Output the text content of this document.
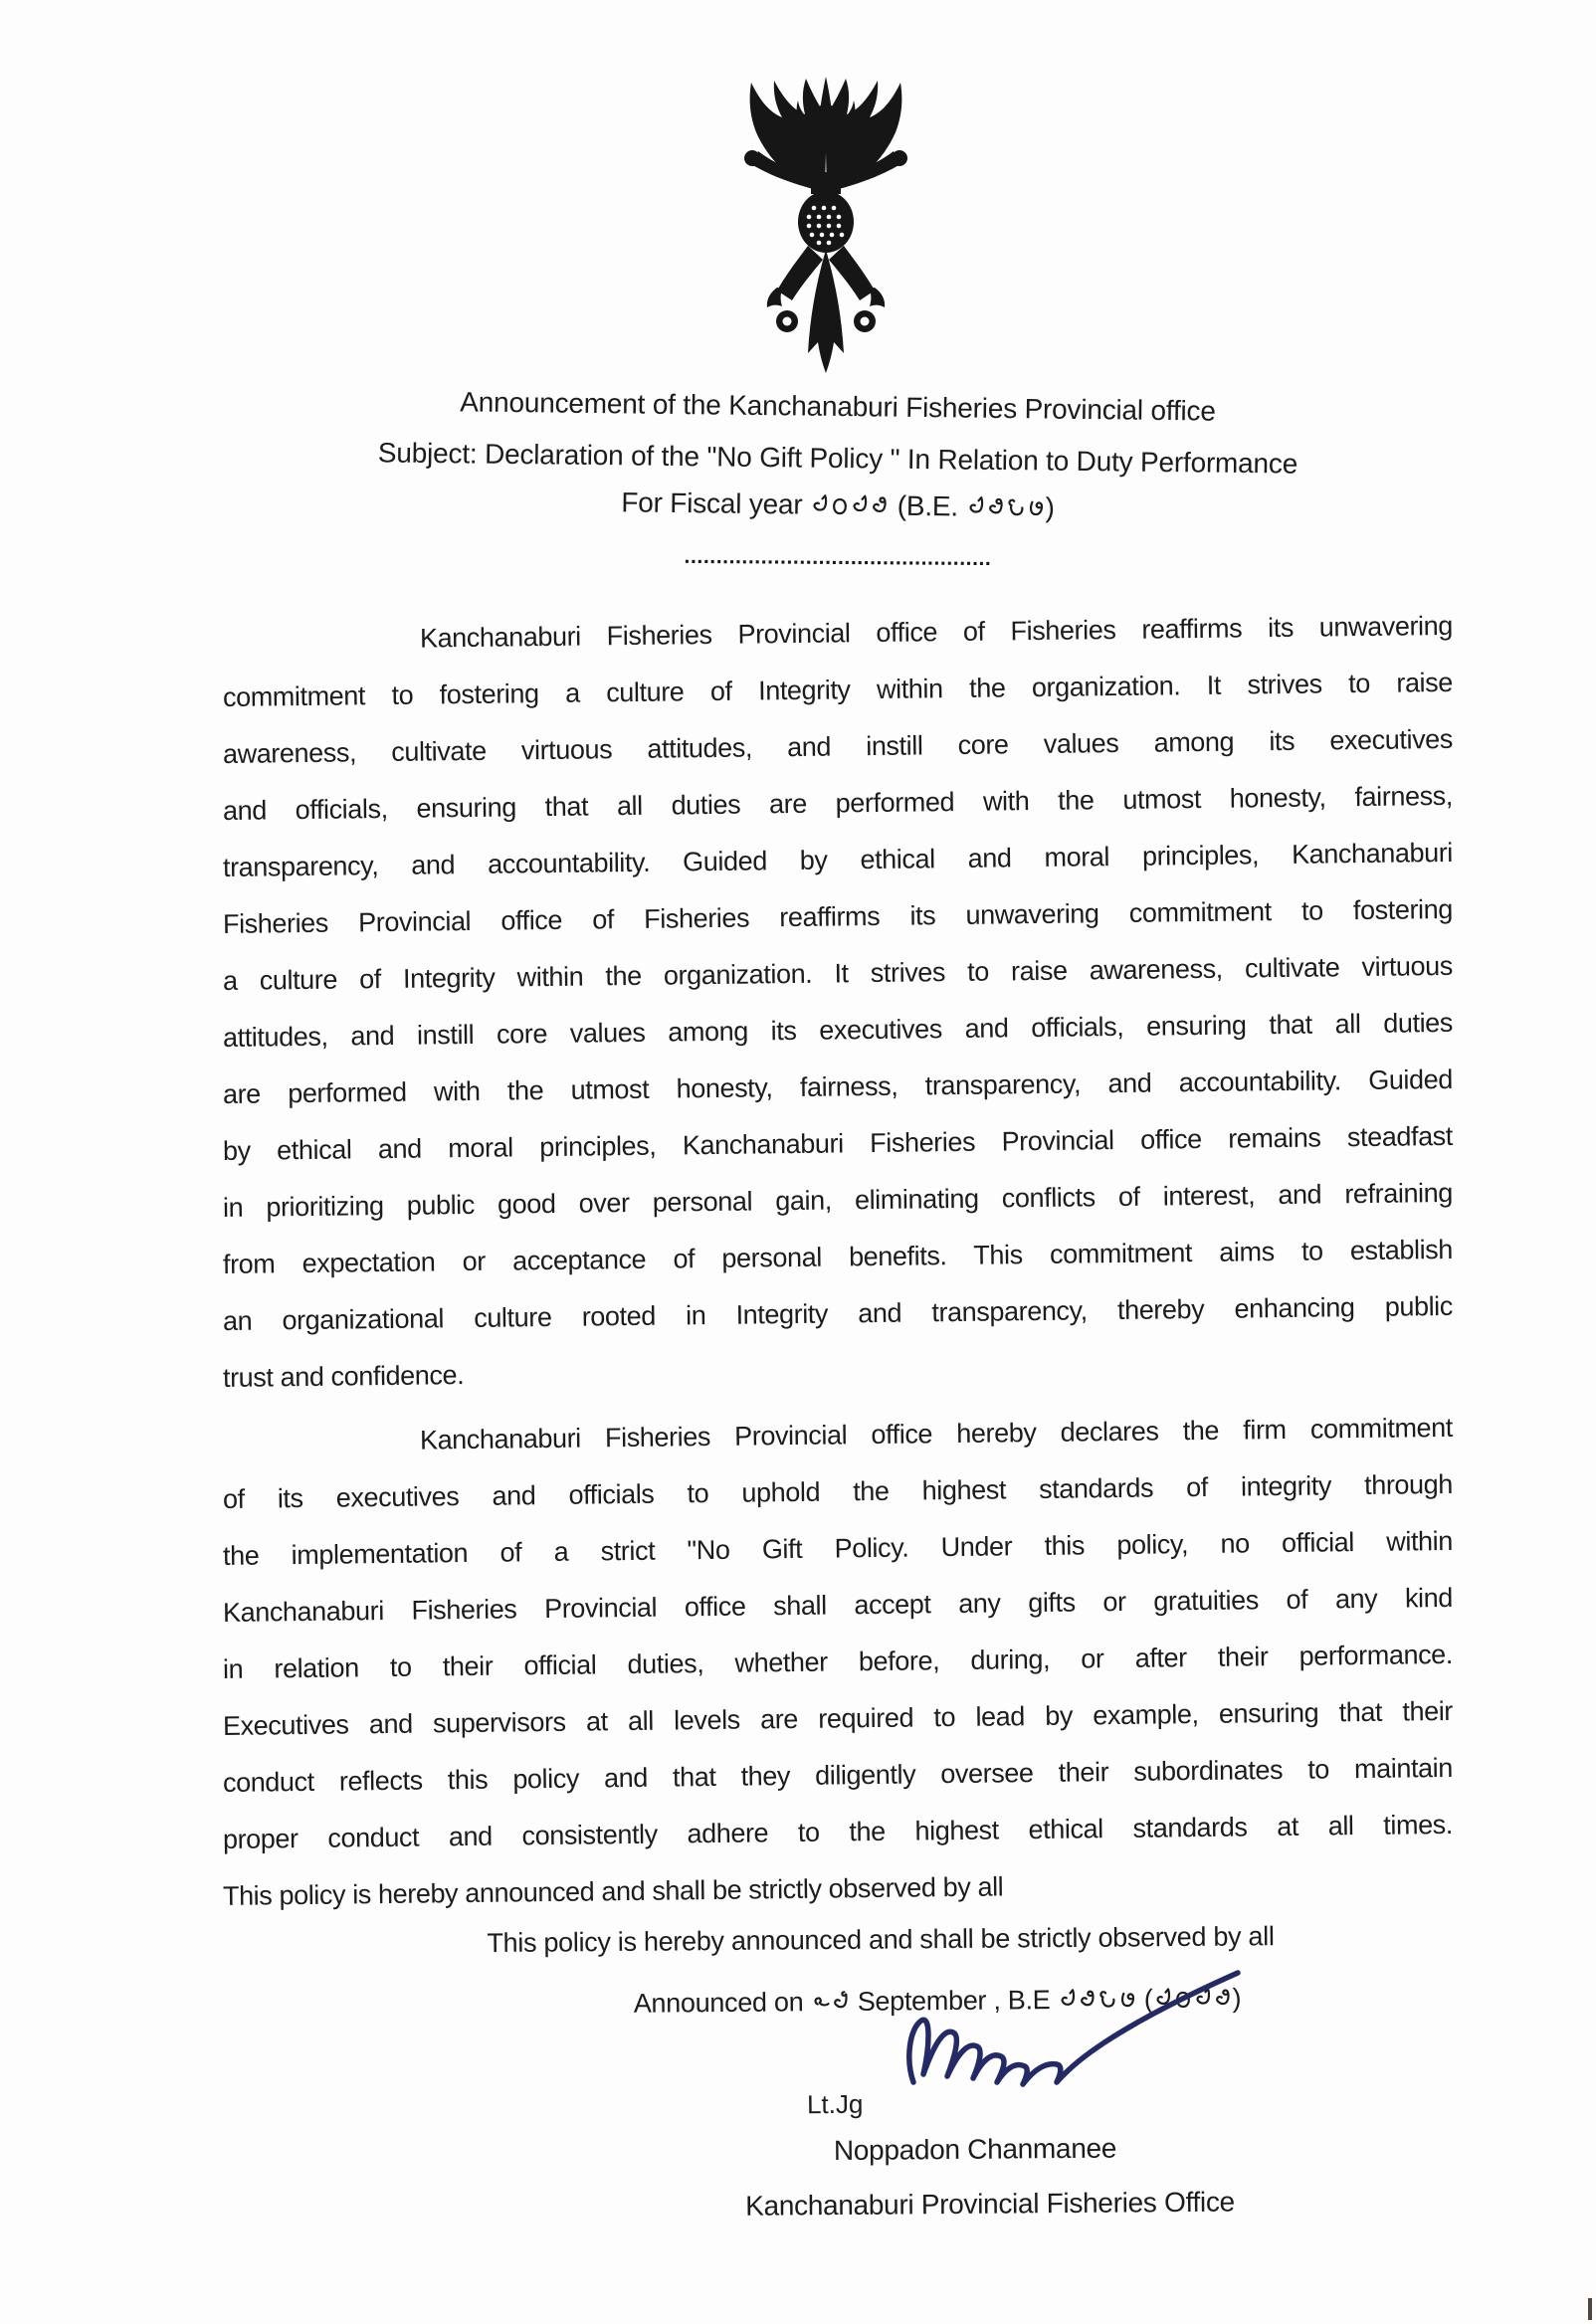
Announcement of the Kanchanaburi Fisheries Provincial office
Subject: Declaration of the "No Gift Policy " In Relation to Duty Performance
For Fiscal year	(B.E.	)
................................................
Kanchanaburi Fisheries Provincial office of Fisheries reaffirms its unwavering
commitment to fostering a culture of Integrity within the organization. It strives to raise
awareness, cultivate virtuous attitudes, and instill core values among its executives
and officials, ensuring that all duties are performed with the utmost honesty, fairness,
transparency, and accountability. Guided by ethical and moral principles, Kanchanaburi
Fisheries Provincial office of Fisheries reaffirms its unwavering commitment to fostering
a culture of Integrity within the organization. It strives to raise awareness, cultivate virtuous
attitudes, and instill core values among its executives and officials, ensuring that all duties
are performed with the utmost honesty, fairness, transparency, and accountability. Guided
by ethical and moral principles, Kanchanaburi Fisheries Provincial office remains steadfast
in prioritizing public good over personal gain, eliminating conflicts of interest, and refraining
from expectation or acceptance of personal benefits. This commitment aims to establish
an organizational culture rooted in Integrity and transparency, thereby enhancing public
trust and confidence.
Kanchanaburi Fisheries Provincial office hereby declares the firm commitment
of its executives and officials to uphold the highest standards of integrity through
the implementation of a strict "No Gift Policy. Under this policy, no official within
Kanchanaburi Fisheries Provincial office shall accept any gifts or gratuities of any kind
in relation to their official duties, whether before, during, or after their performance.
Executives and supervisors at all levels are required to lead by example, ensuring that their
conduct reflects this policy and that they diligently oversee their subordinates to maintain
proper conduct and consistently adhere to the highest ethical standards at all times.
This policy is hereby announced and shall be strictly observed by all
This policy is hereby announced and shall be strictly observed by all
Announced on September , B.E	(	)
Lt.Jg
Noppadon Chanmanee
Kanchanaburi Provincial Fisheries Office
